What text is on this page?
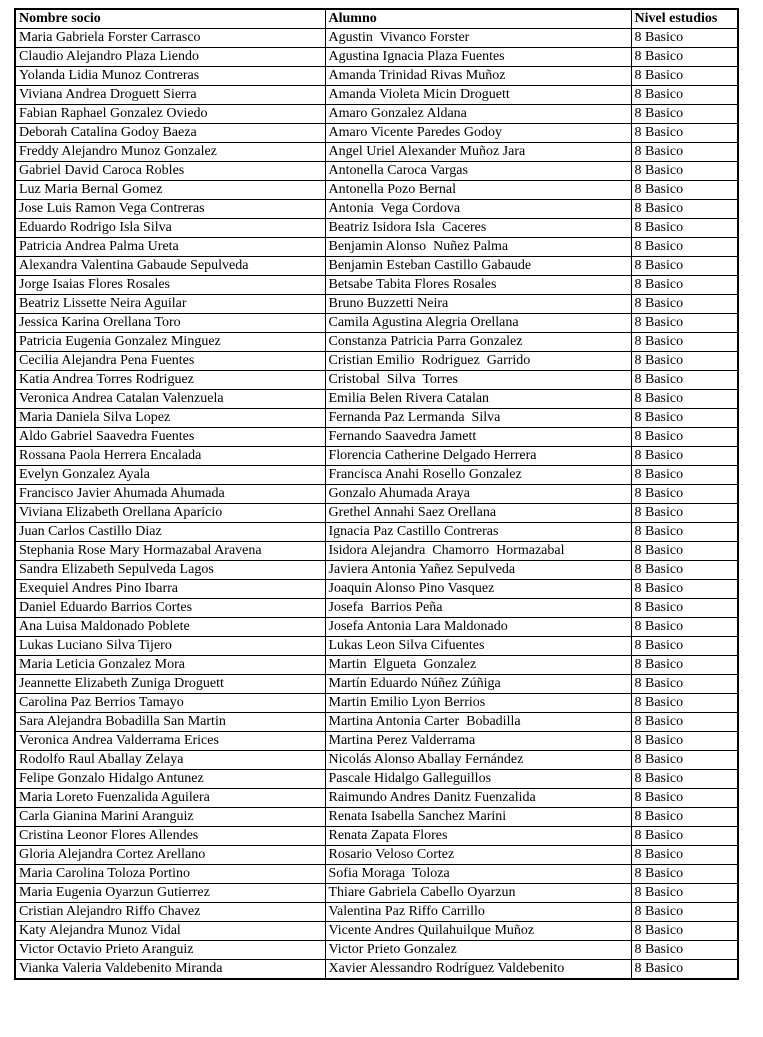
Nombre socio	Alumno	Nivel estudios
Maria Gabriela Forster Carrasco	Agustin  Vivanco Forster	8 Basico
Claudio Alejandro Plaza Liendo	Agustina Ignacia Plaza Fuentes	8 Basico
Yolanda Lidia Munoz Contreras	Amanda Trinidad Rivas Muñoz	8 Basico
Viviana Andrea Droguett Sierra	Amanda Violeta Micin Droguett	8 Basico
Fabian Raphael Gonzalez Oviedo	Amaro Gonzalez Aldana	8 Basico
Deborah Catalina Godoy Baeza	Amaro Vicente Paredes Godoy	8 Basico
Freddy Alejandro Munoz Gonzalez	Angel Uriel Alexander Muñoz Jara	8 Basico
Gabriel David Caroca Robles	Antonella Caroca Vargas	8 Basico
Luz Maria Bernal Gomez	Antonella Pozo Bernal	8 Basico
Jose Luis Ramon Vega Contreras	Antonia  Vega Cordova	8 Basico
Eduardo Rodrigo Isla Silva	Beatriz Isidora Isla  Caceres	8 Basico
Patricia Andrea Palma Ureta	Benjamin Alonso  Nuñez Palma	8 Basico
Alexandra Valentina Gabaude Sepulveda	Benjamin Esteban Castillo Gabaude	8 Basico
Jorge Isaias Flores Rosales	Betsabe Tabita Flores Rosales	8 Basico
Beatriz Lissette Neira Aguilar	Bruno Buzzetti Neira	8 Basico
Jessica Karina Orellana Toro	Camila Agustina Alegria Orellana	8 Basico
Patricia Eugenia Gonzalez Minguez	Constanza Patricia Parra Gonzalez	8 Basico
Cecilia Alejandra Pena Fuentes	Cristian Emilio  Rodriguez  Garrido	8 Basico
Katia Andrea Torres Rodriguez	Cristobal  Silva  Torres	8 Basico
Veronica Andrea Catalan Valenzuela	Emilia Belen Rivera Catalan	8 Basico
Maria Daniela Silva Lopez	Fernanda Paz Lermanda  Silva	8 Basico
Aldo Gabriel Saavedra Fuentes	Fernando Saavedra Jamett	8 Basico
Rossana Paola Herrera Encalada	Florencia Catherine Delgado Herrera	8 Basico
Evelyn Gonzalez Ayala	Francisca Anahi Rosello Gonzalez	8 Basico
Francisco Javier Ahumada Ahumada	Gonzalo Ahumada Araya	8 Basico
Viviana Elizabeth Orellana Aparicio	Grethel Annahi Saez Orellana	8 Basico
Juan Carlos Castillo Diaz	Ignacia Paz Castillo Contreras	8 Basico
Stephania Rose Mary Hormazabal Aravena	Isidora Alejandra  Chamorro  Hormazabal	8 Basico
Sandra Elizabeth Sepulveda Lagos	Javiera Antonia Yañez Sepulveda	8 Basico
Exequiel Andres Pino Ibarra	Joaquin Alonso Pino Vasquez	8 Basico
Daniel Eduardo Barrios Cortes	Josefa  Barrios Peña	8 Basico
Ana Luisa Maldonado Poblete	Josefa Antonia Lara Maldonado	8 Basico
Lukas Luciano Silva Tijero	Lukas Leon Silva Cifuentes	8 Basico
Maria Leticia Gonzalez Mora	Martin  Elgueta  Gonzalez	8 Basico
Jeannette Elizabeth Zuniga Droguett	Martín Eduardo Núñez Zúñiga	8 Basico
Carolina Paz Berrios Tamayo	Martin Emilio Lyon Berrios	8 Basico
Sara Alejandra Bobadilla San Martin	Martina Antonia Carter  Bobadilla	8 Basico
Veronica Andrea Valderrama Erices	Martina Perez Valderrama	8 Basico
Rodolfo Raul Aballay Zelaya	Nicolás Alonso Aballay Fernández	8 Basico
Felipe Gonzalo Hidalgo Antunez	Pascale Hidalgo Galleguillos	8 Basico
Maria Loreto Fuenzalida Aguilera	Raimundo Andres Danitz Fuenzalida	8 Basico
Carla Gianina Marini Aranguiz	Renata Isabella Sanchez Marini	8 Basico
Cristina Leonor Flores Allendes	Renata Zapata Flores	8 Basico
Gloria Alejandra Cortez Arellano	Rosario Veloso Cortez	8 Basico
Maria Carolina Toloza Portino	Sofia Moraga  Toloza	8 Basico
Maria Eugenia Oyarzun Gutierrez	Thiare Gabriela Cabello Oyarzun	8 Basico
Cristian Alejandro Riffo Chavez	Valentina Paz Riffo Carrillo	8 Basico
Katy Alejandra Munoz Vidal	Vicente Andres Quilahuilque Muñoz	8 Basico
Victor Octavio Prieto Aranguiz	Victor Prieto Gonzalez	8 Basico
Vianka Valeria Valdebenito Miranda	Xavier Alessandro Rodríguez Valdebenito	8 Basico
